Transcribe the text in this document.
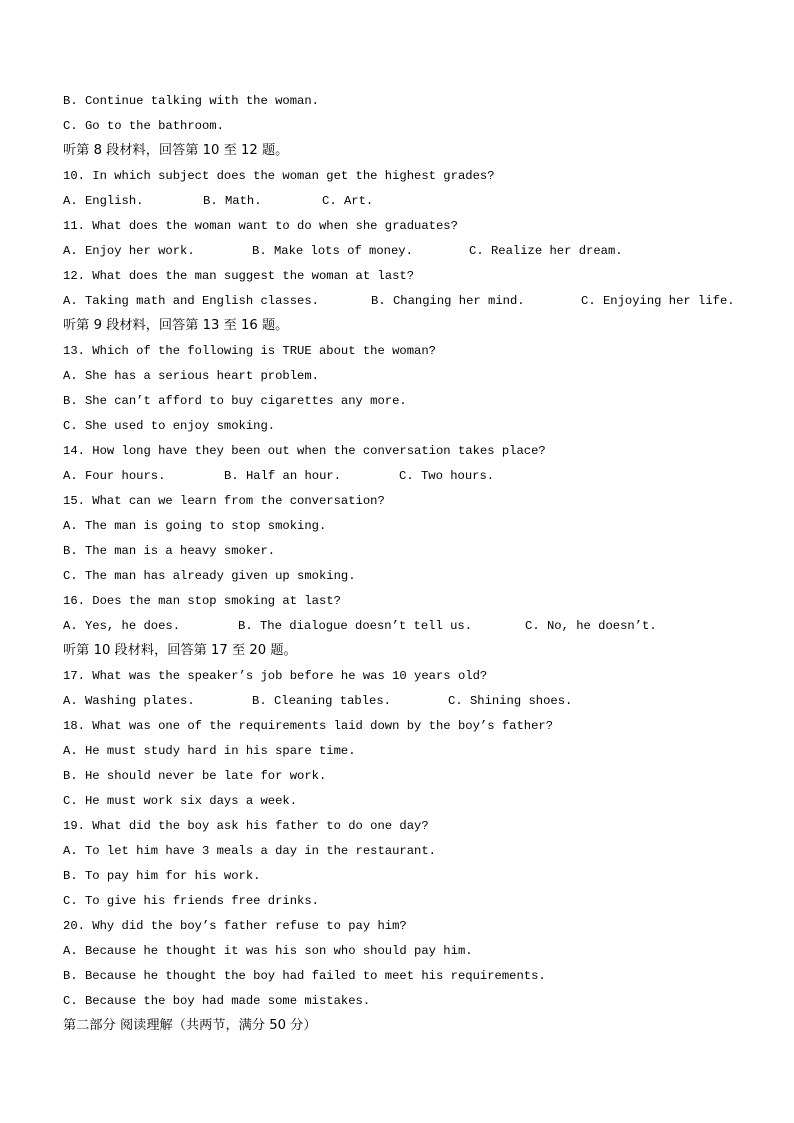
B. Continue talking with the woman.
C. Go to the bathroom.
听第 8 段材料，回答第 10 至 12 题。
10. In which subject does the woman get the highest grades?
A. English.	B. Math.	C. Art.
11. What does the woman want to do when she graduates?
A. Enjoy her work.	B. Make lots of money.	C. Realize her dream.
12. What does the man suggest the woman at last?
A. Taking math and English classes.	B. Changing her mind.	C. Enjoying her life.
听第 9 段材料，回答第 13 至 16 题。
13. Which of the following is TRUE about the woman?
A. She has a serious heart problem.
B. She can’t afford to buy cigarettes any more.
C. She used to enjoy smoking.
14. How long have they been out when the conversation takes place?
A. Four hours.	B. Half an hour.	C. Two hours.
15. What can we learn from the conversation?
A. The man is going to stop smoking.
B. The man is a heavy smoker.
C. The man has already given up smoking.
16. Does the man stop smoking at last?
A. Yes, he does.	B. The dialogue doesn’t tell us.	C. No, he doesn’t.
听第 10 段材料，回答第 17 至 20 题。
17. What was the speaker’s job before he was 10 years old?
A. Washing plates.	B. Cleaning tables.	C. Shining shoes.
18. What was one of the requirements laid down by the boy’s father?
A. He must study hard in his spare time.
B. He should never be late for work.
C. He must work six days a week.
19. What did the boy ask his father to do one day?
A. To let him have 3 meals a day in the restaurant.
B. To pay him for his work.
C. To give his friends free drinks.
20. Why did the boy’s father refuse to pay him?
A. Because he thought it was his son who should pay him.
B. Because he thought the boy had failed to meet his requirements.
C. Because the boy had made some mistakes.
第二部分 阅读理解（共两节，满分 50 分）
